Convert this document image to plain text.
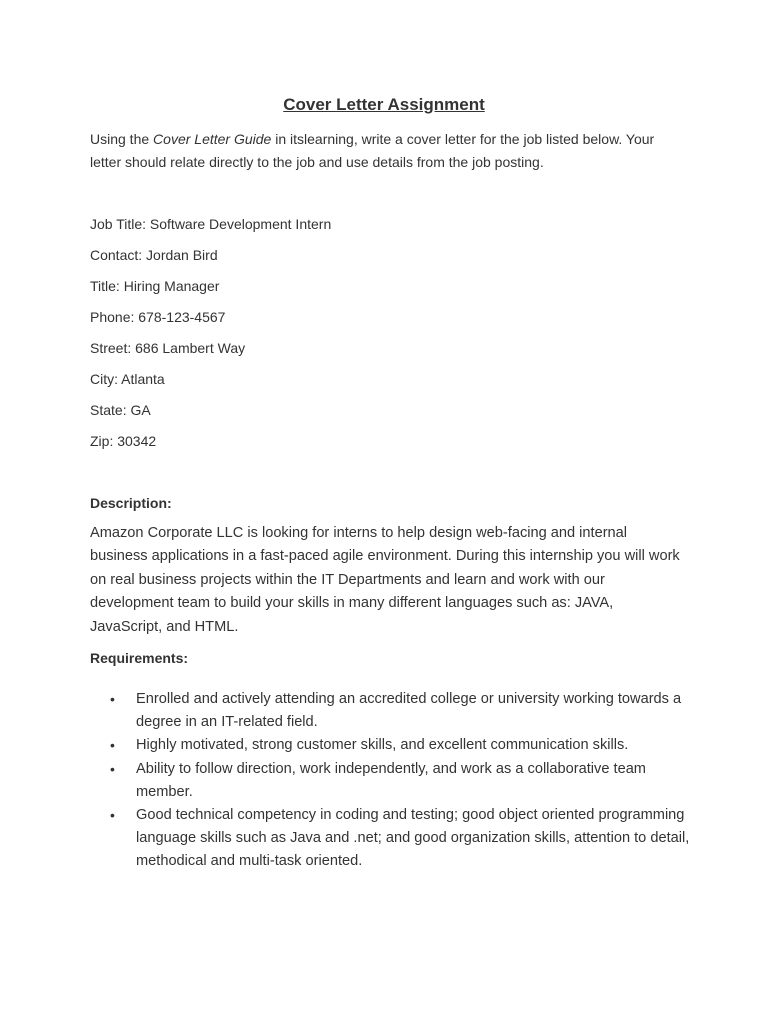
Cover Letter Assignment

Using the Cover Letter Guide in itslearning, write a cover letter for the job listed below. Your letter should relate directly to the job and use details from the job posting.

Job Title: Software Development Intern

Contact: Jordan Bird

Title: Hiring Manager

Phone: 678-123-4567

Street: 686 Lambert Way

City: Atlanta

State: GA

Zip: 30342

Description:

Amazon Corporate LLC is looking for interns to help design web-facing and internal business applications in a fast-paced agile environment. During this internship you will work on real business projects within the IT Departments and learn and work with our development team to build your skills in many different languages such as: JAVA, JavaScript, and HTML.

Requirements:

• Enrolled and actively attending an accredited college or university working towards a degree in an IT-related field.
• Highly motivated, strong customer skills, and excellent communication skills.
• Ability to follow direction, work independently, and work as a collaborative team member.
• Good technical competency in coding and testing; good object oriented programming language skills such as Java and .net; and good organization skills, attention to detail, methodical and multi-task oriented.
